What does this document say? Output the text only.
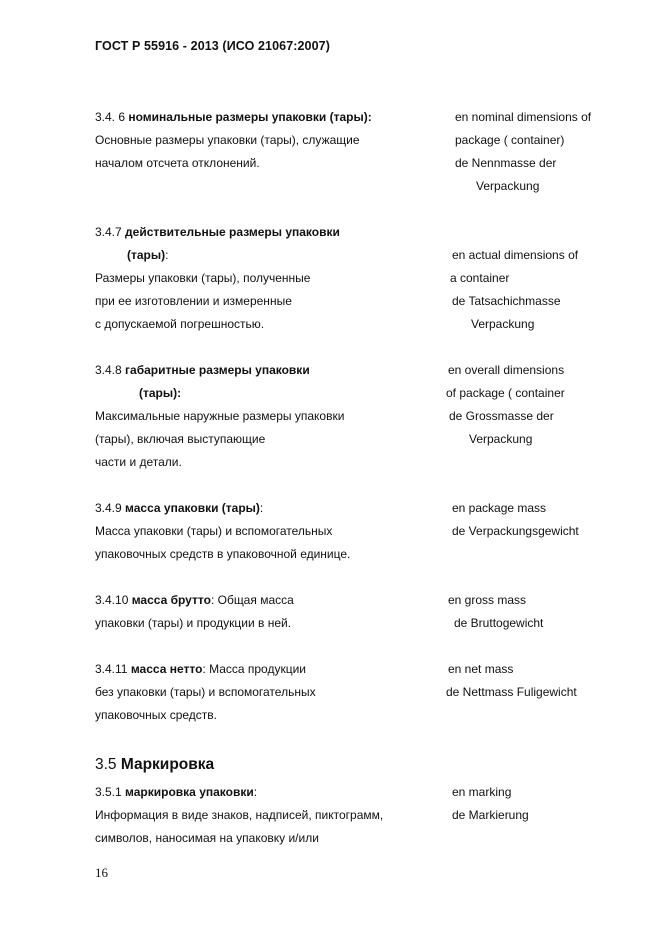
ГОСТ Р 55916 - 2013 (ИСО 21067:2007)
3.4. 6 номинальные размеры упаковки (тары):
Основные размеры упаковки (тары), служащие
началом отсчета отклонений.
en nominal dimensions of
package ( container)
de Nennmasse der
Verpackung
3.4.7 действительные размеры упаковки
(тары):
Размеры упаковки (тары), полученные
при ее изготовлении и измеренные
с допускаемой погрешностью.
en actual dimensions of
a container
de Tatsachichmasse
Verpackung
3.4.8 габаритные размеры упаковки
(тары):
Максимальные наружные размеры упаковки
(тары), включая выступающие
части и детали.
en overall dimensions
of package ( container
de Grossmasse der
Verpackung
3.4.9 масса упаковки (тары):
Масса упаковки (тары) и вспомогательных
упаковочных средств в упаковочной единице.
en package mass
de Verpackungsgewicht
3.4.10 масса брутто: Общая масса
упаковки (тары) и продукции в ней.
en gross mass
de Bruttogewicht
3.4.11 масса нетто: Масса продукции
без упаковки (тары) и вспомогательных
упаковочных средств.
en net mass
de Nettmass Fuligewicht
3.5 Маркировка
3.5.1 маркировка упаковки:
Информация в виде знаков, надписей, пиктограмм,
символов, наносимая на упаковку и/или
en marking
de Markierung
16
